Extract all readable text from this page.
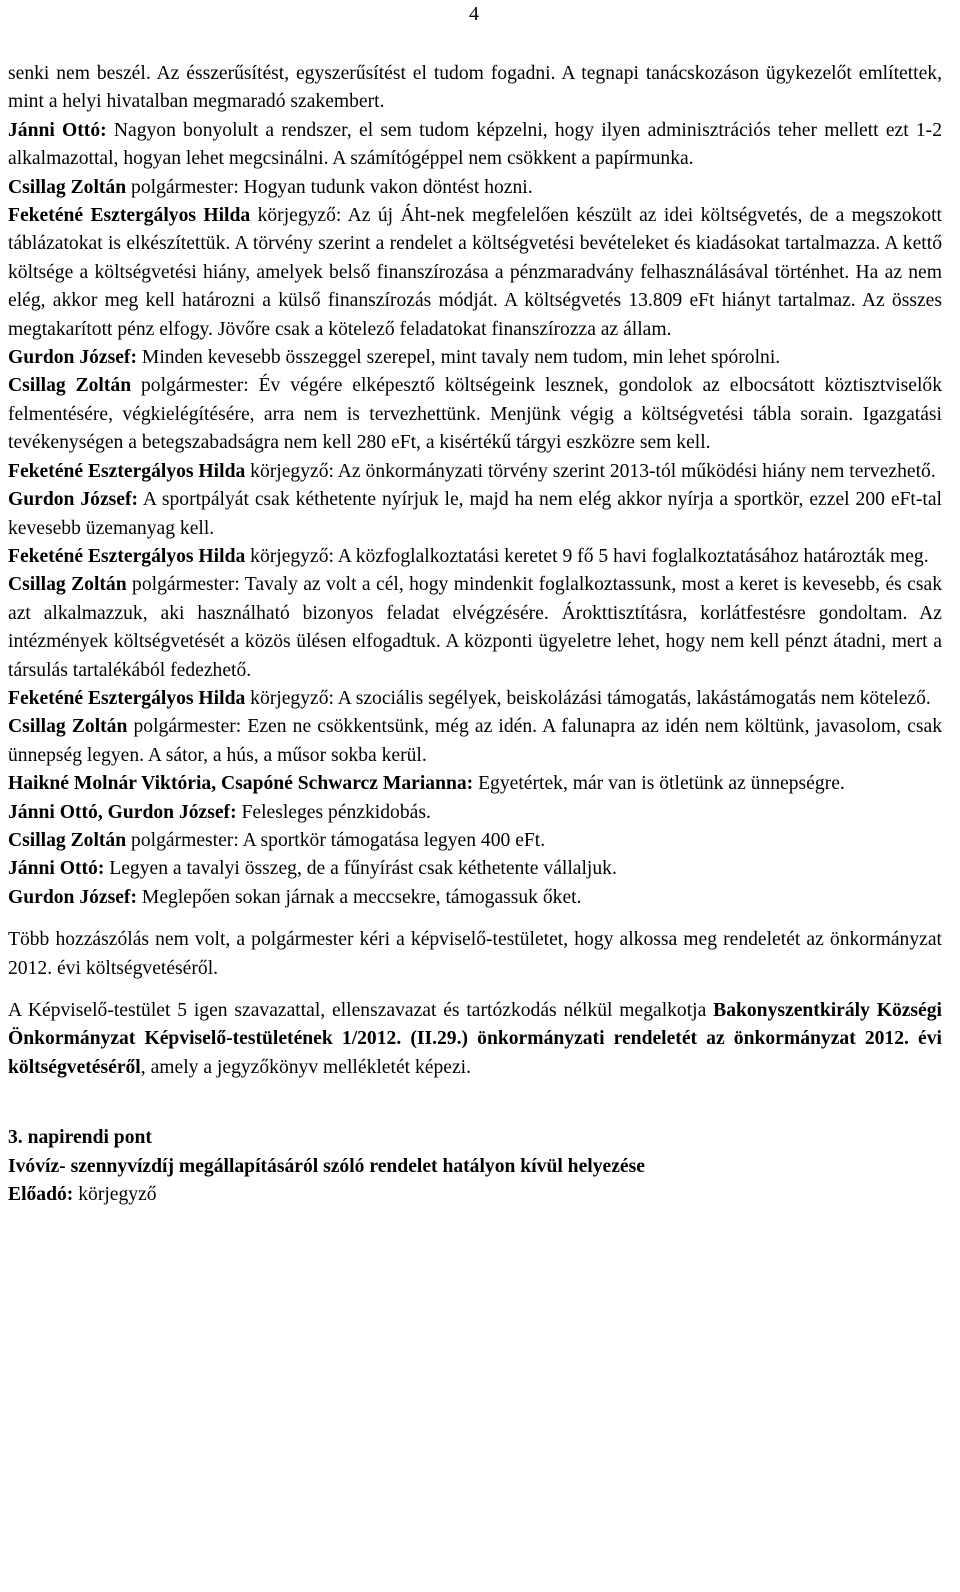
4

senki nem beszél. Az ésszerűsítést, egyszerűsítést el tudom fogadni. A tegnapi tanácskozáson ügykezelőt említettek, mint a helyi hivatalban megmaradó szakembert.

Jánni Ottó: Nagyon bonyolult a rendszer, el sem tudom képzelni, hogy ilyen adminisztrációs teher mellett ezt 1-2 alkalmazottal, hogyan lehet megcsinálni. A számítógéppel nem csökkent a papírmunka.

Csillag Zoltán polgármester: Hogyan tudunk vakon döntést hozni.

Feketéné Esztergályos Hilda körjegyző: Az új Áht-nek megfelelően készült az idei költségvetés, de a megszokott táblázatokat is elkészítettük. A törvény szerint a rendelet a költségvetési bevételeket és kiadásokat tartalmazza. A kettő költsége a költségvetési hiány, amelyek belső finanszírozása a pénzmaradvány felhasználásával történhet. Ha az nem elég, akkor meg kell határozni a külső finanszírozás módját. A költségvetés 13.809 eFt hiányt tartalmaz. Az összes megtakarított pénz elfogy. Jövőre csak a kötelező feladatokat finanszírozza az állam.

Gurdon József: Minden kevesebb összeggel szerepel, mint tavaly nem tudom, min lehet spórolni.

Csillag Zoltán polgármester: Év végére elképesztő költségeink lesznek, gondolok az elbocsátott köztisztviselők felmentésére, végkielégítésére, arra nem is tervezhettünk. Menjünk végig a költségvetési tábla sorain. Igazgatási tevékenységen a betegszabadságra nem kell 280 eFt, a kisértékű tárgyi eszközre sem kell.

Feketéné Esztergályos Hilda körjegyző: Az önkormányzati törvény szerint 2013-tól működési hiány nem tervezhető.

Gurdon József: A sportpályát csak kéthetente nyírjuk le, majd ha nem elég akkor nyírja a sportkör, ezzel 200 eFt-tal kevesebb üzemanyag kell.

Feketéné Esztergályos Hilda körjegyző: A közfoglalkoztatási keretet 9 fő 5 havi foglalkoztatásához határozták meg.

Csillag Zoltán polgármester: Tavaly az volt a cél, hogy mindenkit foglalkoztassunk, most a keret is kevesebb, és csak azt alkalmazzuk, aki használható bizonyos feladat elvégzésére. Árokttisztításra, korlátfestésre gondoltam. Az intézmények költségvetését a közös ülésen elfogadtuk. A központi ügyeletre lehet, hogy nem kell pénzt átadni, mert a társulás tartalékából fedezhető.

Feketéné Esztergályos Hilda körjegyző: A szociális segélyek, beiskolázási támogatás, lakástámogatás nem kötelező.

Csillag Zoltán polgármester: Ezen ne csökkentsünk, még az idén. A falunapra az idén nem költünk, javasolom, csak ünnepség legyen. A sátor, a hús, a műsor sokba kerül.

Haikné Molnár Viktória, Csapóné Schwarcz Marianna: Egyetértek, már van is ötletünk az ünnepségre.

Jánni Ottó, Gurdon József: Felesleges pénzkidobás.

Csillag Zoltán polgármester: A sportkör támogatása legyen 400 eFt.

Jánni Ottó: Legyen a tavalyi összeg, de a fűnyírást csak kéthetente vállaljuk.

Gurdon József: Meglepően sokan járnak a meccsekre, támogassuk őket.

Több hozzászólás nem volt, a polgármester kéri a képviselő-testületet, hogy alkossa meg rendeletét az önkormányzat 2012. évi költségvetéséről.

A Képviselő-testület 5 igen szavazattal, ellenszavazat és tartózkodás nélkül megalkotja Bakonyszentkirály Községi Önkormányzat Képviselő-testületének 1/2012. (II.29.) önkormányzati rendeletét az önkormányzat 2012. évi költségvetéséről, amely a jegyzőkönyv mellékletét képezi.

3. napirendi pont

Ivóvíz- szennyvízdíj megállapításáról szóló rendelet hatályon kívül helyezése

Előadó: körjegyző
